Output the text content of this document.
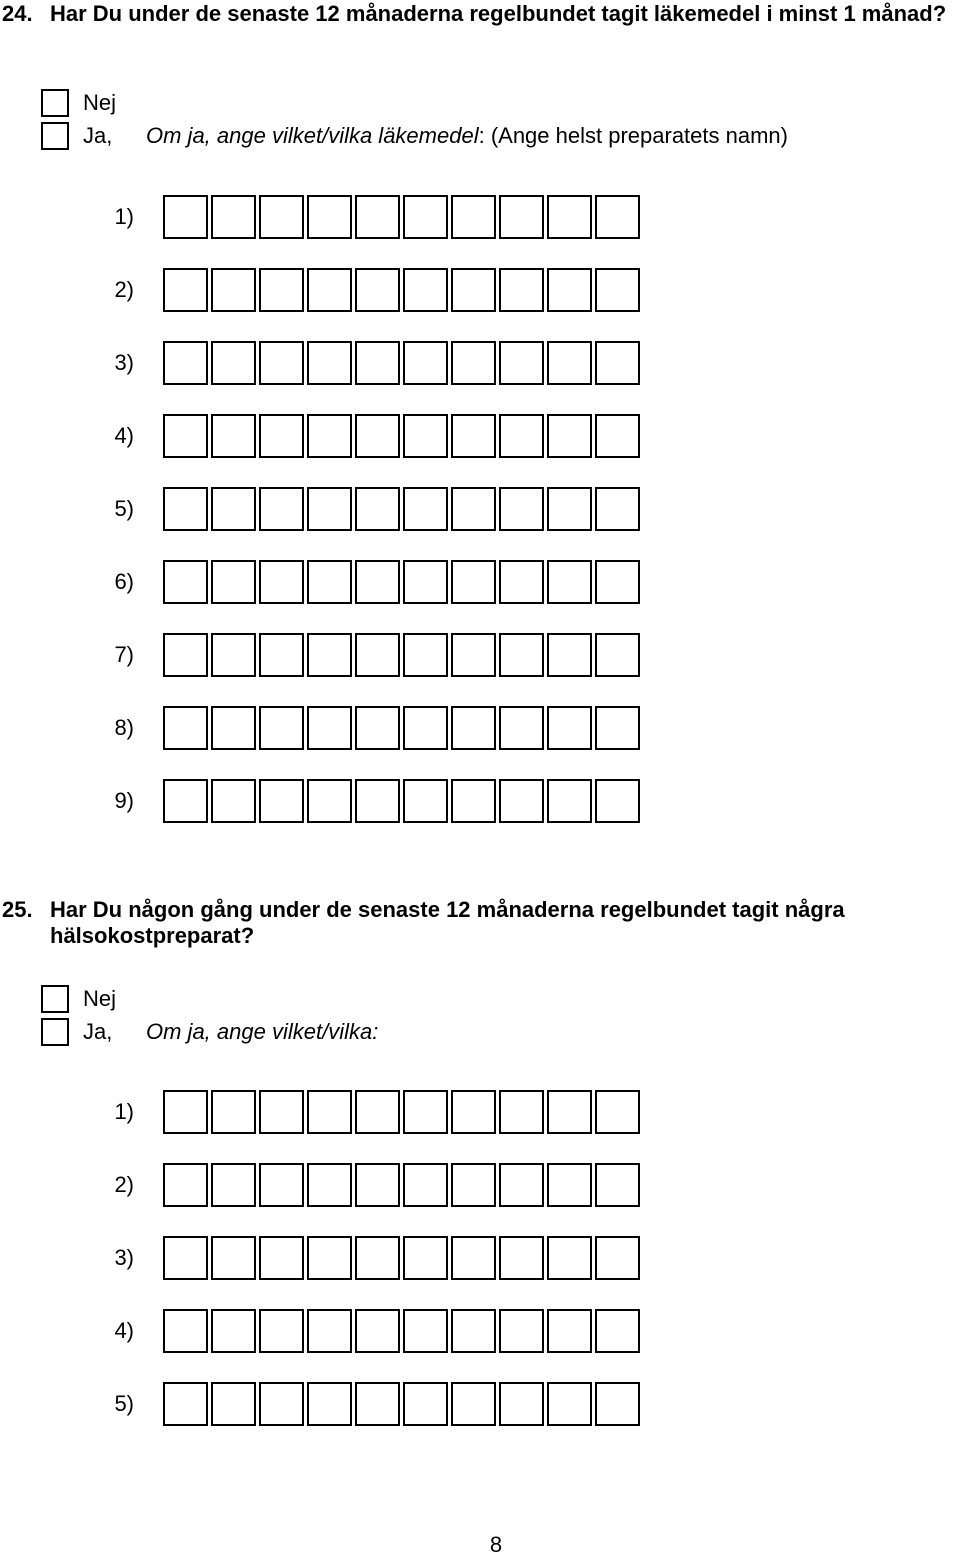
24. Har Du under de senaste 12 månaderna regelbundet tagit läkemedel i minst 1 månad?
Nej
Ja,	Om ja, ange vilket/vilka läkemedel: (Ange helst preparatets namn)
1)
2)
3)
4)
5)
6)
7)
8)
9)
25. Har Du någon gång under de senaste 12 månaderna regelbundet tagit några hälsokostpreparat?
Nej
Ja,	Om ja, ange vilket/vilka:
1)
2)
3)
4)
5)
8
